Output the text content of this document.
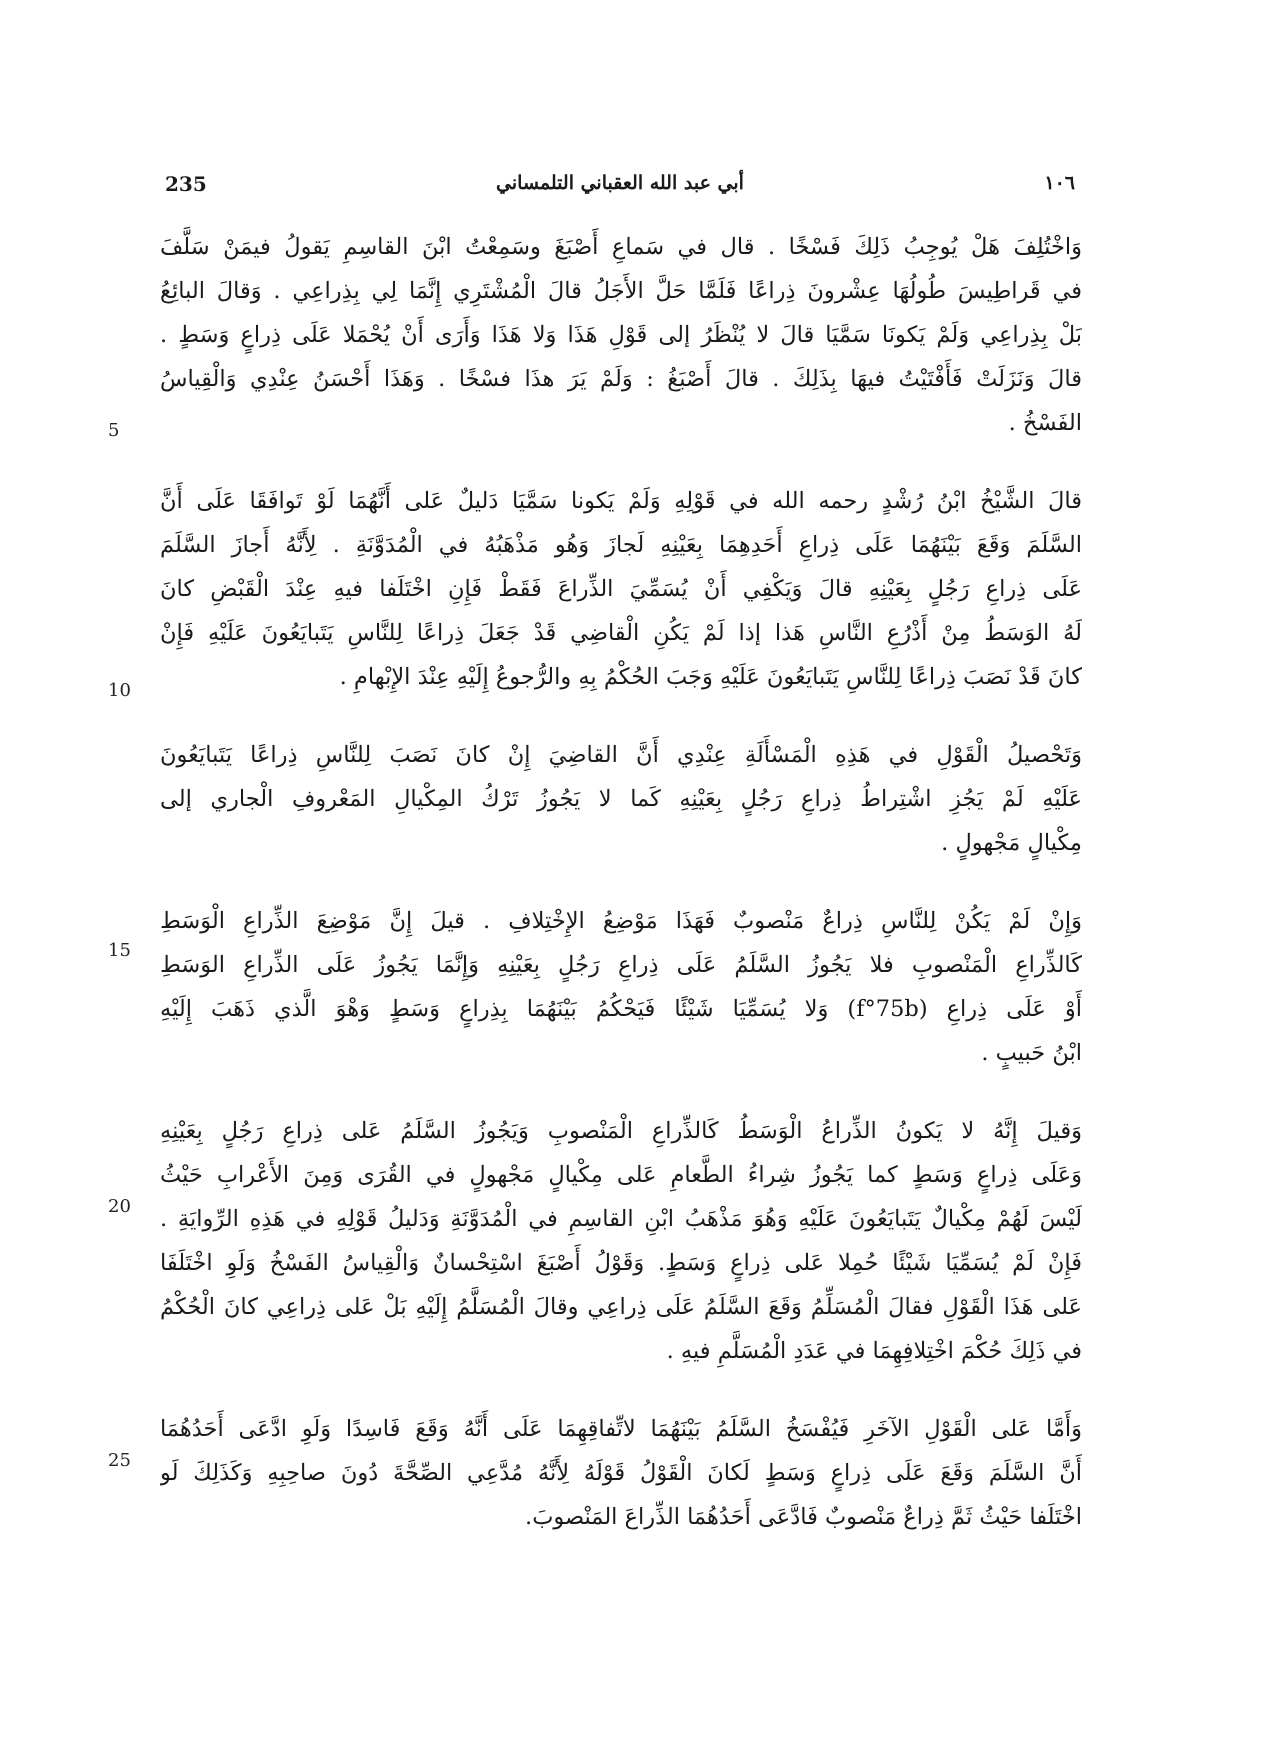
235	أبي عبد الله العقباني التلمساني	١٠٦
وَاخْتُلِفَ هَلْ يُوجِبُ ذَلِكَ فَسْخًا . قال في سَماعِ أَصْبَغَ وسَمِعْتُ ابْنَ القاسِمِ يَقولُ فيمَنْ سَلَّفَ
في قَراطِيسَ طُولُهَا عِشْرونَ ذِراعًا فَلَمَّا حَلَّ الأَجَلُ قالَ الْمُشْتَرِي إِنَّمَا لِي بِذِراعِي . وَقالَ البائِعُ
بَلْ بِذِراعِي وَلَمْ يَكونَا سَمَّيَا قالَ لا يُنْظَرُ إلى قَوْلِ هَذَا وَلا هَذَا وَأَرَى أَنْ يُحْمَلا عَلَى ذِراعٍ وَسَطٍ .
قالَ وَنَزَلَتْ فَأَفْتَيْتُ فيهَا بِذَلِكَ . قالَ أَصْبَغُ : وَلَمْ يَرَ هذَا فسْخًا . وَهَذَا أَحْسَنُ عِنْدِي وَالْقِياسُ
الفَسْخُ .
قالَ الشَّيْخُ ابْنُ رُشْدٍ رحمه الله في قَوْلِهِ وَلَمْ يَكونا سَمَّيَا دَليلٌ عَلى أَنَّهُمَا لَوْ تَوافَقَا عَلَى أَنَّ
السَّلَمَ وَقَعَ بَيْنَهُمَا عَلَى ذِراعِ أَحَدِهِمَا بِعَيْنِهِ لَجازَ وَهُو مَذْهَبُهُ في الْمُدَوَّنَةِ . لِأَنَّهُ أَجازَ السَّلَمَ
عَلَى ذِراعِ رَجُلٍ بِعَيْنِهِ قالَ وَيَكْفِي أَنْ يُسَمِّيَ الذِّراعَ فَقَطْ فَإِنِ اخْتَلَفا فيهِ عِنْدَ الْقَبْضِ كانَ
لَهُ الوَسَطُ مِنْ أَذْرُعِ النَّاسِ هَذا إذا لَمْ يَكُنِ الْقاضِي قَدْ جَعَلَ ذِراعًا لِلنَّاسِ يَتَبايَعُونَ عَلَيْهِ فَإِنْ
كانَ قَدْ نَصَبَ ذِراعًا لِلنَّاسِ يَتَبايَعُونَ عَلَيْهِ وَجَبَ الحُكْمُ بِهِ والرُّجوعُ إِلَيْهِ عِنْدَ الإِبْهامِ .
وَتَحْصيلُ الْقَوْلِ في هَذِهِ الْمَسْأَلَةِ عِنْدِي أَنَّ القاضِيَ إِنْ كانَ نَصَبَ لِلنَّاسِ ذِراعًا يَتَبايَعُونَ
عَلَيْهِ لَمْ يَجُزِ اشْتِراطُ ذِراعِ رَجُلٍ بِعَيْنِهِ كَما لا يَجُوزُ تَرْكُ المِكْيالِ المَعْروفِ الْجاري إلى
مِكْيالٍ مَجْهولٍ .
وَإِنْ لَمْ يَكُنْ لِلنَّاسِ ذِراعٌ مَنْصوبٌ فَهَذَا مَوْضِعُ الإِخْتِلافِ . قيلَ إِنَّ مَوْضِعَ الذِّراعِ الْوَسَطِ
كَالذِّراعِ الْمَنْصوبِ فلا يَجُوزُ السَّلَمُ عَلَى ذِراعِ رَجُلٍ بِعَيْنِهِ وَإِنَّمَا يَجُوزُ عَلَى الذِّراعِ الوَسَطِ
أَوْ عَلَى ذِراعِ (f°75b) وَلا يُسَمِّيَا شَيْئًا فَيَحْكُمُ بَيْنَهُمَا بِذِراعٍ وَسَطٍ وَهْوَ الَّذي ذَهَبَ إِلَيْهِ
ابْنُ حَبيبٍ .
وَقيلَ إِنَّهُ لا يَكونُ الذِّراعُ الْوَسَطُ كَالذِّراعِ الْمَنْصوبِ وَيَجُوزُ السَّلَمُ عَلى ذِراعِ رَجُلٍ بِعَيْنِهِ
وَعَلَى ذِراعٍ وَسَطٍ كما يَجُوزُ شِراءُ الطَّعامِ عَلى مِكْيالٍ مَجْهولٍ في القُرَى وَمِنَ الأَعْرابِ حَيْثُ
لَيْسَ لَهُمْ مِكْيالٌ يَتَبايَعُونَ عَلَيْهِ وَهُوَ مَذْهَبُ ابْنِ القاسِمِ في الْمُدَوَّنَةِ وَدَليلُ قَوْلِهِ في هَذِهِ الرِّوايَةِ .
فَإِنْ لَمْ يُسَمِّيَا شَيْئًا حُمِلا عَلى ذِراعٍ وَسَطٍ. وَقَوْلُ أَصْبَغَ اسْتِحْسانٌ وَالْقِياسُ الفَسْخُ وَلَوِ اخْتَلَفَا
عَلى هَذَا الْقَوْلِ فقالَ الْمُسَلِّمُ وَقَعَ السَّلَمُ عَلَى ذِراعِي وقالَ الْمُسَلَّمُ إِلَيْهِ بَلْ عَلى ذِراعِي كانَ الْحُكْمُ
في ذَلِكَ حُكْمَ اخْتِلافِهِمَا في عَدَدِ الْمُسَلَّمِ فيهِ .
وَأَمَّا عَلى الْقَوْلِ الآخَرِ فَيُفْسَخُ السَّلَمُ بَيْنَهُمَا لاتِّفاقِهِمَا عَلَى أَنَّهُ وَقَعَ فَاسِدًا وَلَوِ ادَّعَى أَحَدُهُمَا
أَنَّ السَّلَمَ وَقَعَ عَلَى ذِراعٍ وَسَطٍ لَكانَ الْقَوْلُ قَوْلَهُ لِأَنَّهُ مُدَّعِي الصِّحَّةَ دُونَ صاحِبِهِ وَكَذَلِكَ لَو
اخْتَلَفا حَيْثُ ثَمَّ ذِراعٌ مَنْصوبٌ فَادَّعَى أَحَدُهُمَا الذِّراعَ المَنْصوبَ.
5
10
15
20
25
